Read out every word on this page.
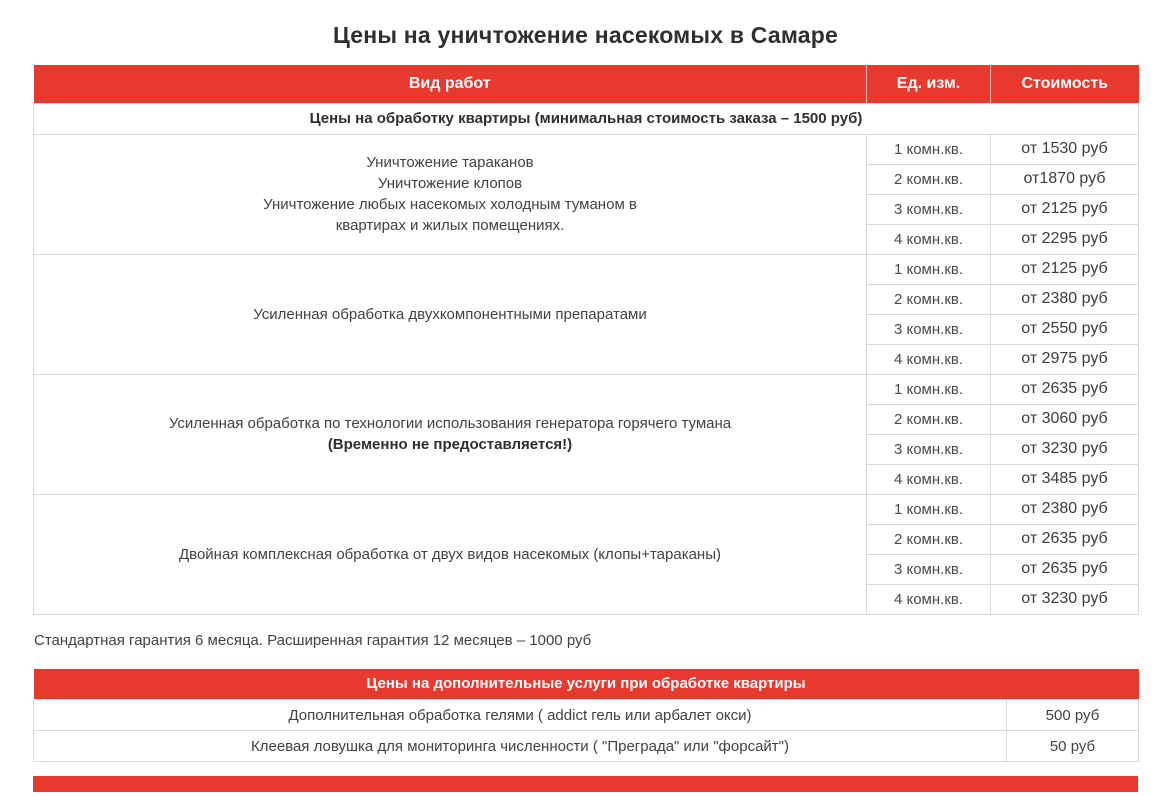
Цены на уничтожение насекомых в Самаре
Вид работ	Ед. изм.	Стоимость
Цены на обработку квартиры (минимальная стоимость заказа – 1500 руб)		

Уничтожение тараканов
Уничтожение клопов
Уничтожение любых насекомых холодным туманом в
квартирах и жилых помещениях.	1 комн.кв.	от 1530 руб
	2 комн.кв.	от1870 руб
	3 комн.кв.	от 2125 руб
	4 комн.кв.	от 2295 руб

Усиленная обработка двухкомпонентными препаратами	1 комн.кв.	от 2125 руб
	2 комн.кв.	от 2380 руб
	3 комн.кв.	от 2550 руб
	4 комн.кв.	от 2975 руб

Усиленная обработка по технологии использования генератора горячего тумана
(Временно не предоставляется!)	1 комн.кв.	от 2635 руб
	2 комн.кв.	от 3060 руб
	3 комн.кв.	от 3230 руб
	4 комн.кв.	от 3485 руб

Двойная комплексная обработка от двух видов насекомых (клопы+тараканы)	1 комн.кв.	от 2380 руб
	2 комн.кв.	от 2635 руб
	3 комн.кв.	от 2635 руб
	4 комн.кв.	от 3230 руб

Стандартная гарантия 6 месяца. Расширенная гарантия 12 месяцев – 1000 руб

Цены на дополнительные услуги при обработке квартиры	
Дополнительная обработка гелями ( addict гель или арбалет окси)	500 руб
Клеевая ловушка для мониторинга численности ( "Преграда" или "форсайт")	50 руб
